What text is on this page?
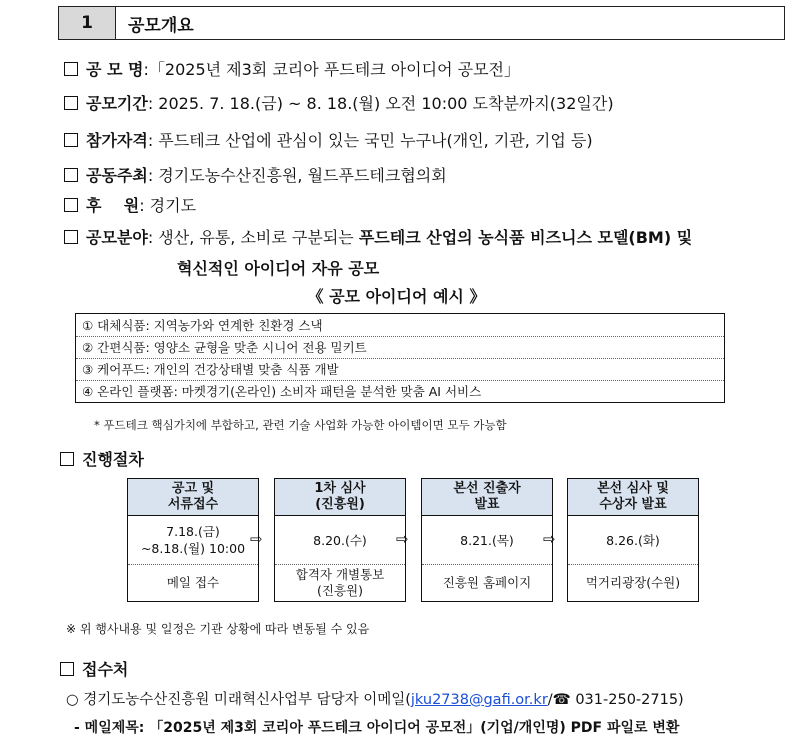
1	공모개요
공 모 명 :「2025년 제3회 코리아 푸드테크 아이디어 공모전」
공모기간 : 2025. 7. 18.(금) ~ 8. 18.(월) 오전 10:00 도착분까지(32일간)
참가자격 : 푸드테크 산업에 관심이 있는 국민 누구나(개인, 기관, 기업 등)
공동주최 : 경기도농수산진흥원, 월드푸드테크협의회
후    원 : 경기도
공모분야 : 생산, 유통, 소비로 구분되는 푸드테크 산업의 농식품 비즈니스 모델(BM) 및
혁신적인 아이디어 자유 공모
《 공모 아이디어 예시 》
① 대체식품: 지역농가와 연계한 친환경 스낵
② 간편식품: 영양소 균형을 맞춘 시니어 전용 밀키트
③ 케어푸드: 개인의 건강상태별 맞춤 식품 개발
④ 온라인 플랫폼: 마켓경기(온라인) 소비자 패턴을 분석한 맞춤 AI 서비스
* 푸드테크 핵심가치에 부합하고, 관련 기술 사업화 가능한 아이템이면 모두 가능함
진행절차
공고 및
서류접수
7.18.(금)
~8.18.(월) 10:00
메일 접수
⇨
1차 심사
(진흥원)
8.20.(수)
합격자 개별통보
(진흥원)
⇨
본선 진출자
발표
8.21.(목)
진흥원 홈페이지
⇨
본선 심사 및
수상자 발표
8.26.(화)
먹거리광장(수원)
※ 위 행사내용 및 일정은 기관 상황에 따라 변동될 수 있음
접수처
○ 경기도농수산진흥원 미래혁신사업부 담당자 이메일(jku2738@gafi.or.kr/☎ 031-250-2715)
- 메일제목: 「2025년 제3회 코리아 푸드테크 아이디어 공모전」(기업/개인명) PDF 파일로 변환
